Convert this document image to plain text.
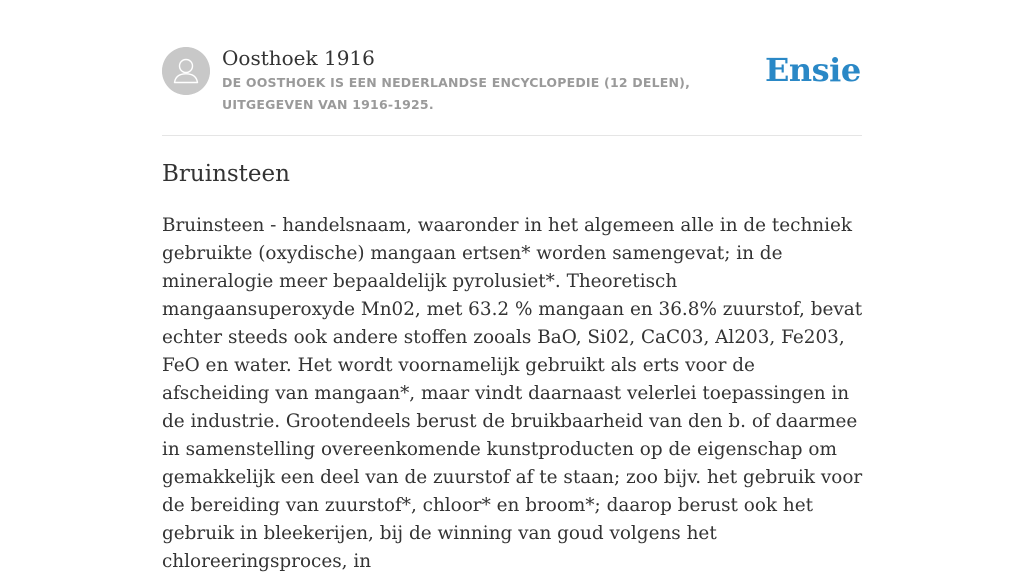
Oosthoek 1916

DE OOSTHOEK IS EEN NEDERLANDSE ENCYCLOPEDIE (12 DELEN), UITGEGEVEN VAN 1916-1925.

Ensie
Bruinsteen

Bruinsteen - handelsnaam, waaronder in het algemeen alle in de techniek gebruikte (oxydische) mangaan ertsen* worden samengevat; in de mineralogie meer bepaaldelijk pyrolusiet*. Theoretisch mangaansuperoxyde Mn02, met 63.2 % mangaan en 36.8% zuurstof, bevat echter steeds ook andere stoffen zooals BaO, Si02, CaC03, Al203, Fe203, FeO en water. Het wordt voornamelijk gebruikt als erts voor de afscheiding van mangaan*, maar vindt daarnaast velerlei toepassingen in de industrie. Grootendeels berust de bruikbaarheid van den b. of daarmee in samenstelling overeenkomende kunstproducten op de eigenschap om gemakkelijk een deel van de zuurstof af te staan; zoo bijv. het gebruik voor de bereiding van zuurstof*, chloor* en broom*; daarop berust ook het gebruik in bleekerijen, bij de winning van goud volgens het chloreeringsproces, in
